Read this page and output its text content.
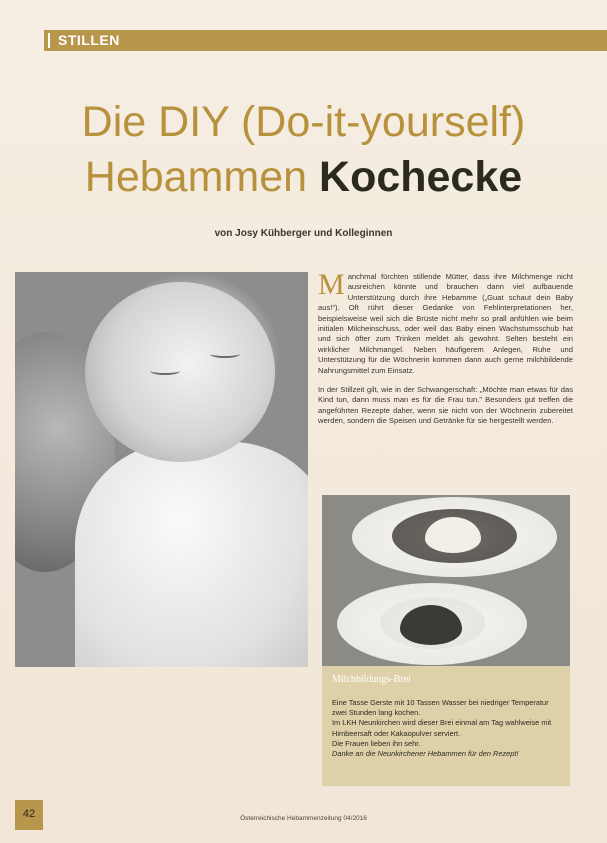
STILLEN
Die DIY (Do-it-yourself)
Hebammen Kochecke
von Josy Kühberger und Kolleginnen

Manchmal fürchten stillende Mütter, dass ihre Milchmenge nicht ausreichen könnte und brauchen dann viel aufbauende Unterstützung durch ihre Hebamme („Guat schaut dein Baby aus!"). Oft rührt dieser Gedanke von Fehlinterpretationen her, beispielsweise weil sich die Brüste nicht mehr so prall anfühlen wie beim initialen Milcheinschuss, oder weil das Baby einen Wachstumsschub hat und sich öfter zum Trinken meldet als gewohnt. Selten besteht ein wirklicher Milchmangel. Neben häufigerem Anlegen, Ruhe und Unterstützung für die Wöchnerin kommen dann auch gerne milchbildende Nahrungsmittel zum Einsatz.

In der Stillzeit gilt, wie in der Schwangerschaft: „Möchte man etwas für das Kind tun, dann muss man es für die Frau tun." Besonders gut treffen die angeführten Rezepte daher, wenn sie nicht von der Wöchnerin zubereitet werden, sondern die Speisen und Getränke für sie hergestellt werden.

Milchbildungs-Brei
Eine Tasse Gerste mit 10 Tassen Wasser bei niedriger Temperatur zwei Stunden lang kochen.
Im LKH Neunkirchen wird dieser Brei einmal am Tag wahlweise mit Himbeersaft oder Kakaopulver serviert.
Die Frauen lieben ihn sehr.
Danke an die Neunkirchener Hebammen für den Rezept!
42	Österreichische Hebammenzeitung 04/2016
